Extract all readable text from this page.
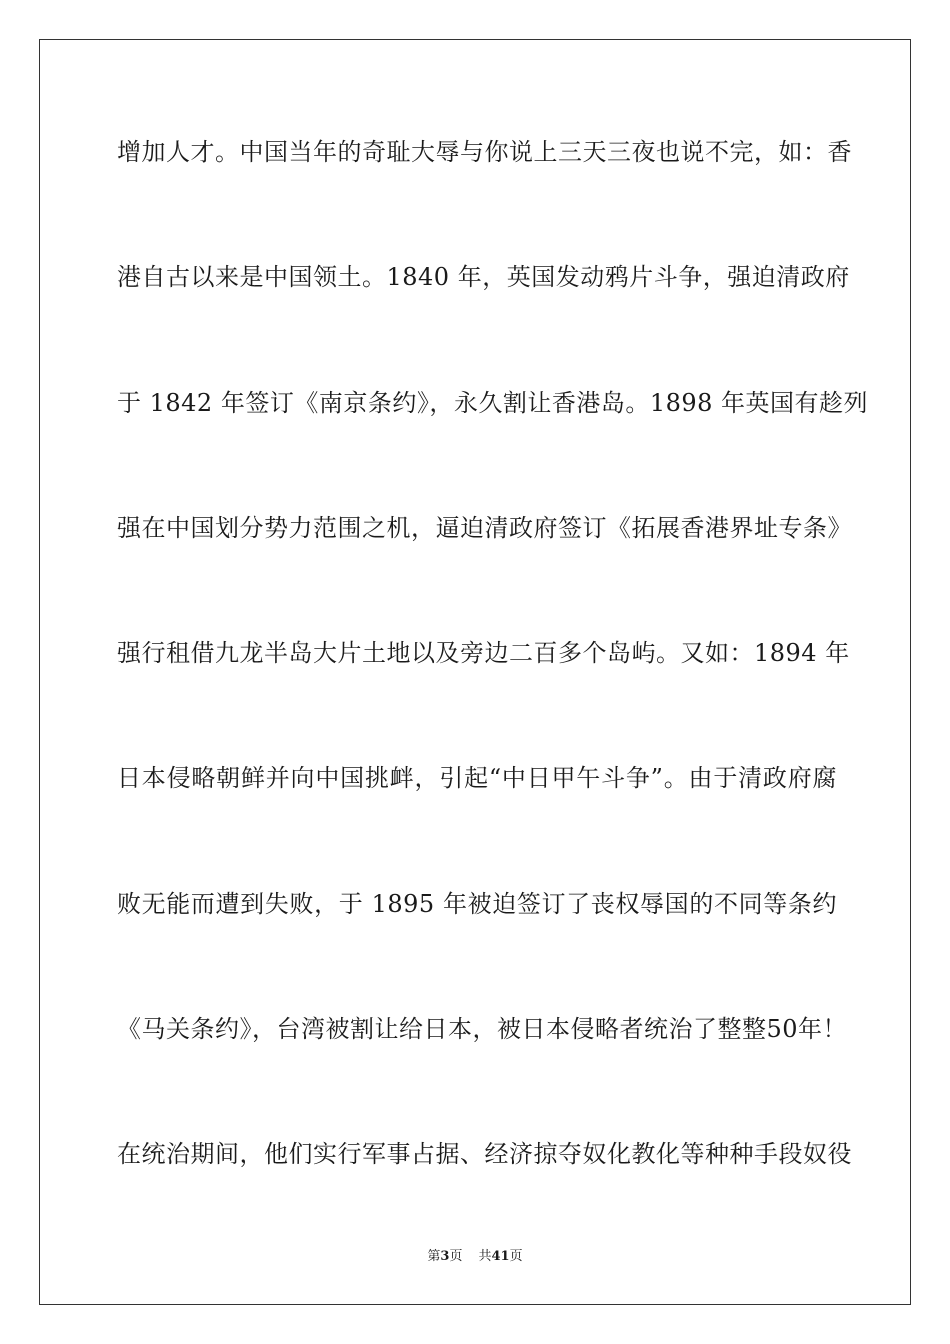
增加人才。中国当年的奇耻大辱与你说上三天三夜也说不完，如：香
港自古以来是中国领土。1840 年，英国发动鸦片斗争，强迫清政府
于 1842 年签订《南京条约》，永久割让香港岛。1898 年英国有趁列
强在中国划分势力范围之机，逼迫清政府签订《拓展香港界址专条》
强行租借九龙半岛大片土地以及旁边二百多个岛屿。又如：1894 年
日本侵略朝鲜并向中国挑衅，引起“中日甲午斗争”。由于清政府腐
败无能而遭到失败，于 1895 年被迫签订了丧权辱国的不同等条约
《马关条约》，台湾被割让给日本，被日本侵略者统治了整整50年！
在统治期间，他们实行军事占据、经济掠夺奴化教化等种种手段奴役
第3页 共41页
